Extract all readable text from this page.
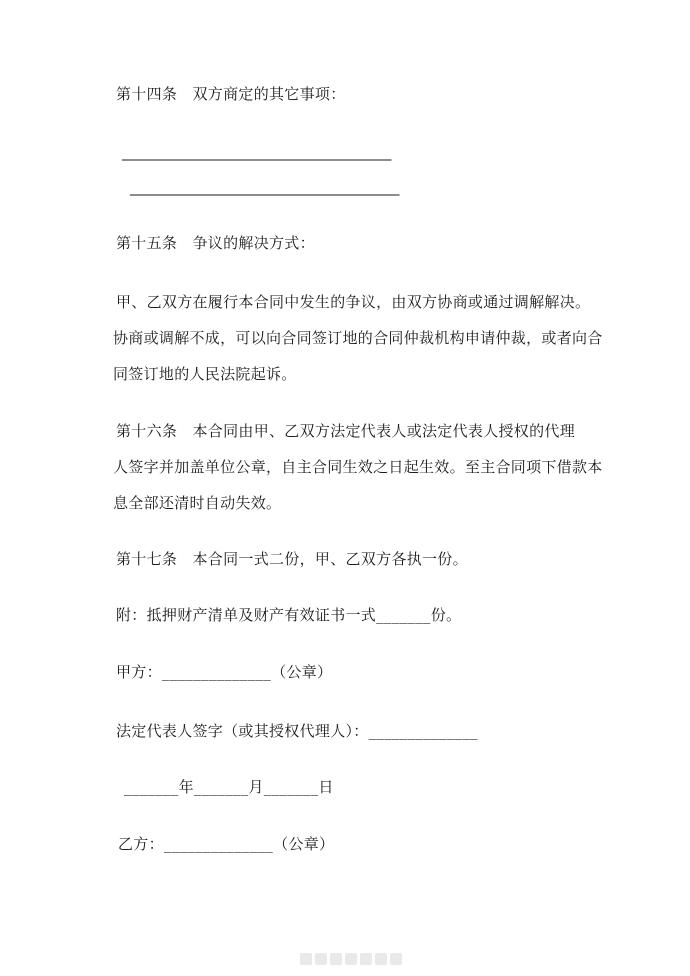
第十四条　双方商定的其它事项：
__________________________________________
__________________________________________
第十五条　争议的解决方式：
甲、乙双方在履行本合同中发生的争议，由双方协商或通过调解解决。
协商或调解不成，可以向合同签订地的合同仲裁机构申请仲裁，或者向合
同签订地的人民法院起诉。
第十六条　本合同由甲、乙双方法定代表人或法定代表人授权的代理
人签字并加盖单位公章，自主合同生效之日起生效。至主合同项下借款本
息全部还清时自动失效。
第十七条　本合同一式二份，甲、乙双方各执一份。
附：抵押财产清单及财产有效证书一式_______份。
甲方：______________（公章）
法定代表人签字（或其授权代理人）：______________
_______年_______月_______日
乙方：______________（公章）
